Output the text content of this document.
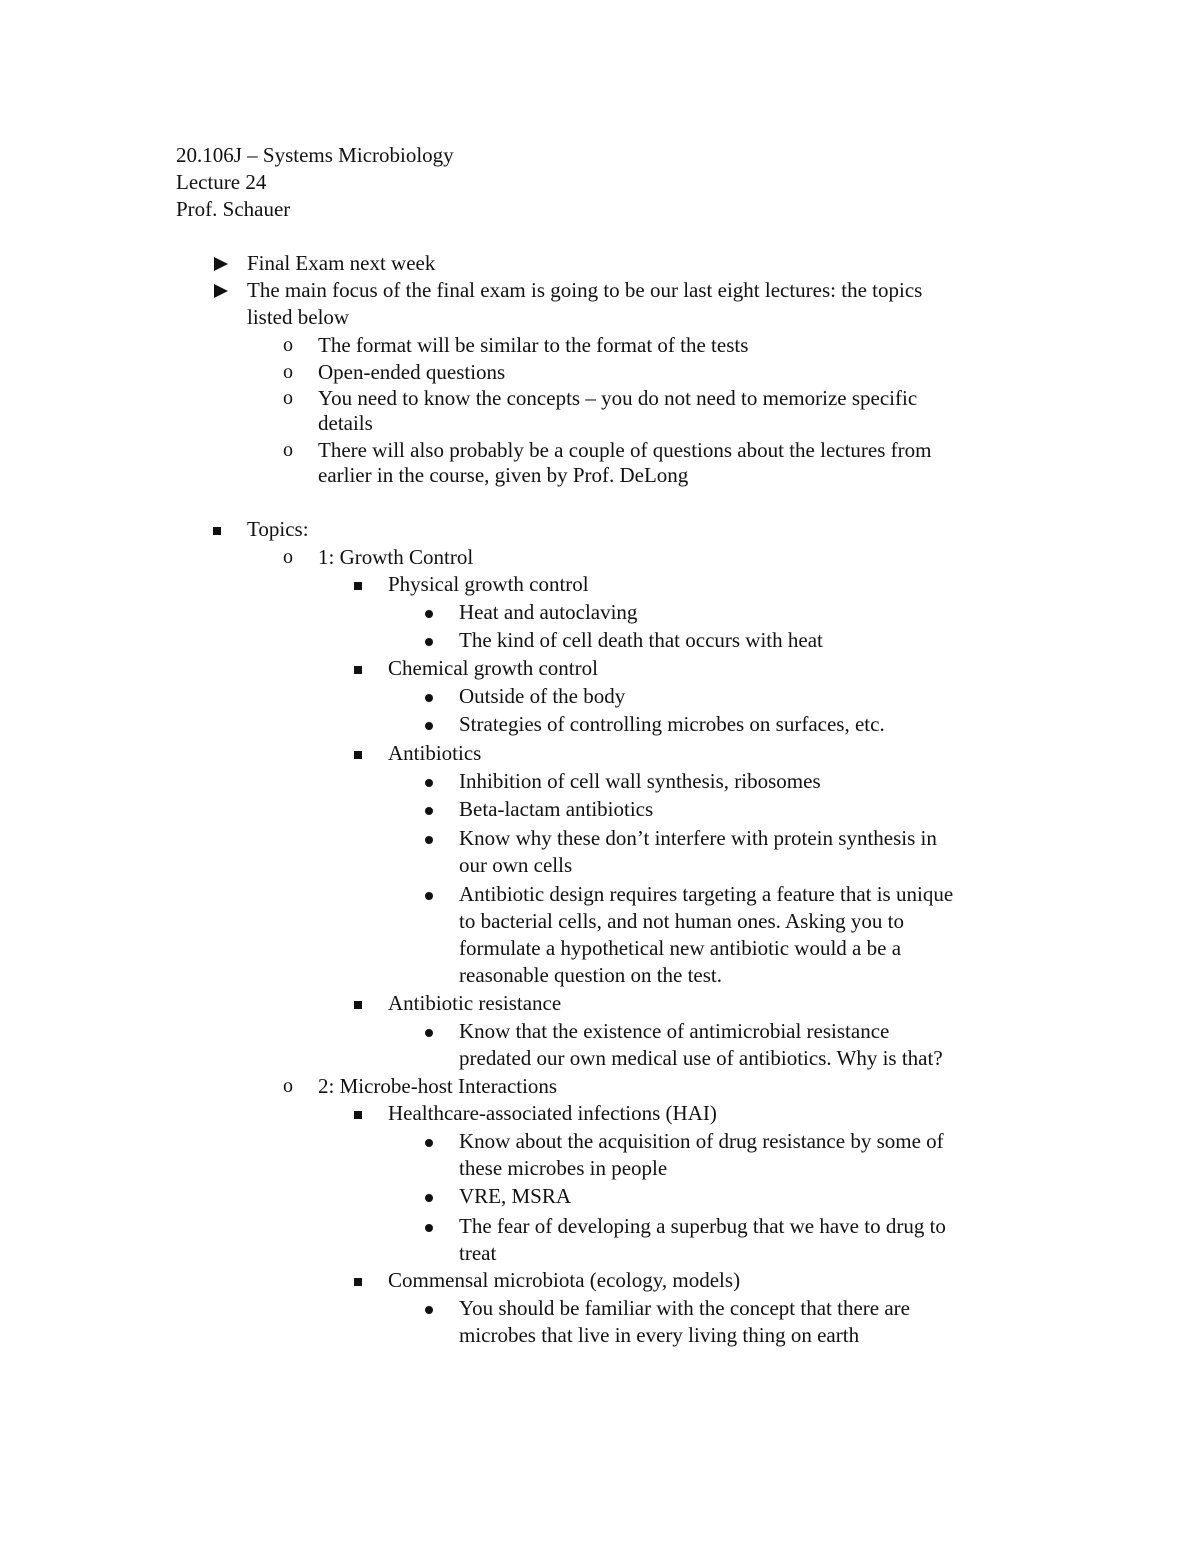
20.106J – Systems Microbiology
Lecture 24
Prof. Schauer
Final Exam next week
The main focus of the final exam is going to be our last eight lectures: the topics
listed below
o The format will be similar to the format of the tests
o Open-ended questions
o You need to know the concepts – you do not need to memorize specific
details
o There will also probably be a couple of questions about the lectures from
earlier in the course, given by Prof. DeLong
Topics:
o 1: Growth Control
Physical growth control
Heat and autoclaving
The kind of cell death that occurs with heat
Chemical growth control
Outside of the body
Strategies of controlling microbes on surfaces, etc.
Antibiotics
Inhibition of cell wall synthesis, ribosomes
Beta-lactam antibiotics
Know why these don’t interfere with protein synthesis in
our own cells
Antibiotic design requires targeting a feature that is unique
to bacterial cells, and not human ones. Asking you to
formulate a hypothetical new antibiotic would a be a
reasonable question on the test.
Antibiotic resistance
Know that the existence of antimicrobial resistance
predated our own medical use of antibiotics. Why is that?
o 2: Microbe-host Interactions
Healthcare-associated infections (HAI)
Know about the acquisition of drug resistance by some of
these microbes in people
VRE, MSRA
The fear of developing a superbug that we have to drug to
treat
Commensal microbiota (ecology, models)
You should be familiar with the concept that there are
microbes that live in every living thing on earth
